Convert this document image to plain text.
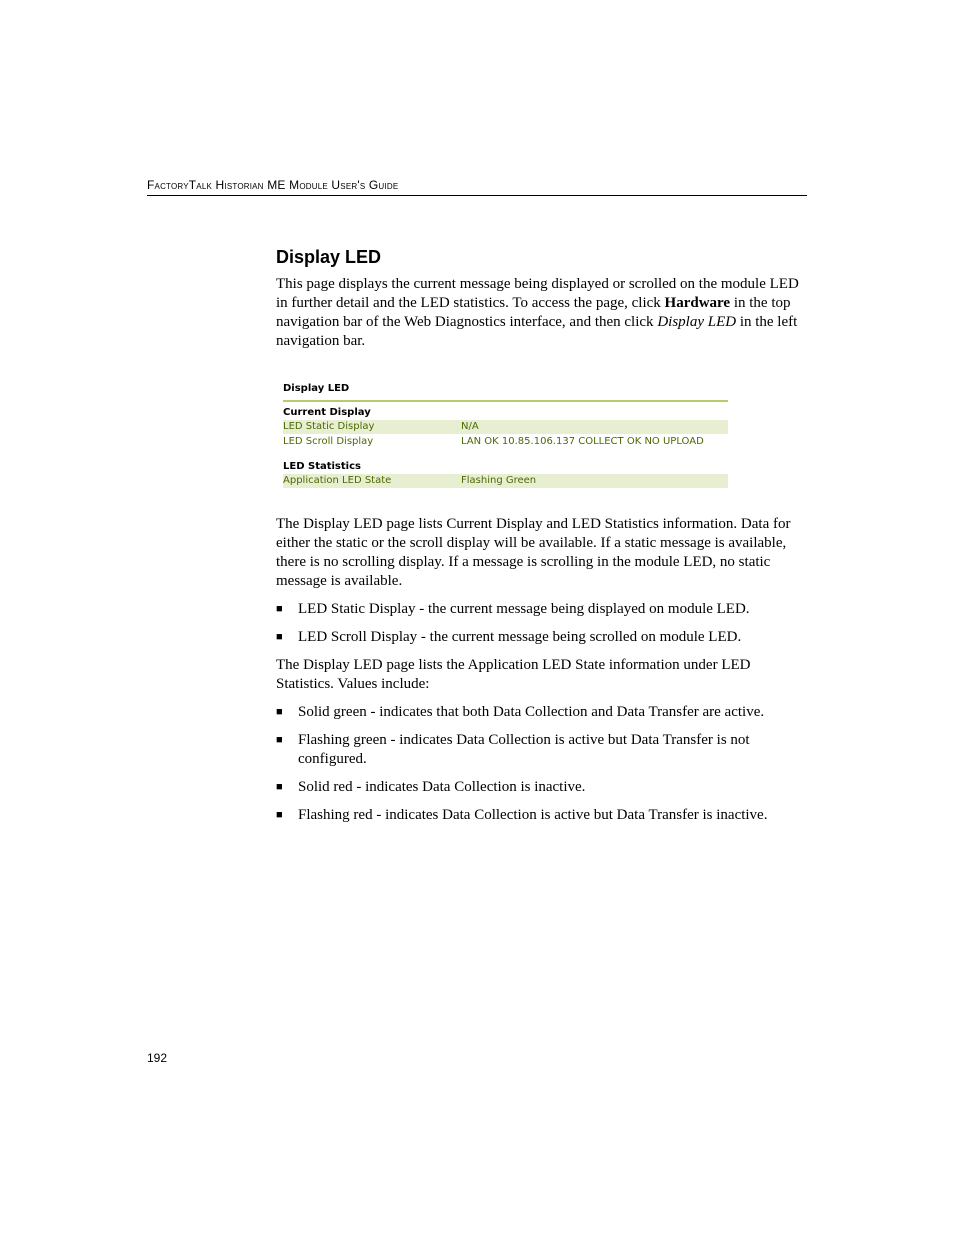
FactoryTalk Historian ME Module User's Guide
Display LED

This page displays the current message being displayed or scrolled on the module LED in further detail and the LED statistics. To access the page, click Hardware in the top navigation bar of the Web Diagnostics interface, and then click Display LED in the left navigation bar.

Display LED
Current Display
LED Static Display	N/A
LED Scroll Display	LAN OK 10.85.106.137 COLLECT OK NO UPLOAD
LED Statistics
Application LED State	Flashing Green

The Display LED page lists Current Display and LED Statistics information. Data for either the static or the scroll display will be available. If a static message is available, there is no scrolling display. If a message is scrolling in the module LED, no static message is available.

■ LED Static Display - the current message being displayed on module LED.
■ LED Scroll Display - the current message being scrolled on module LED.

The Display LED page lists the Application LED State information under LED Statistics. Values include:

■ Solid green - indicates that both Data Collection and Data Transfer are active.
■ Flashing green - indicates Data Collection is active but Data Transfer is not configured.
■ Solid red - indicates Data Collection is inactive.
■ Flashing red - indicates Data Collection is active but Data Transfer is inactive.
192
